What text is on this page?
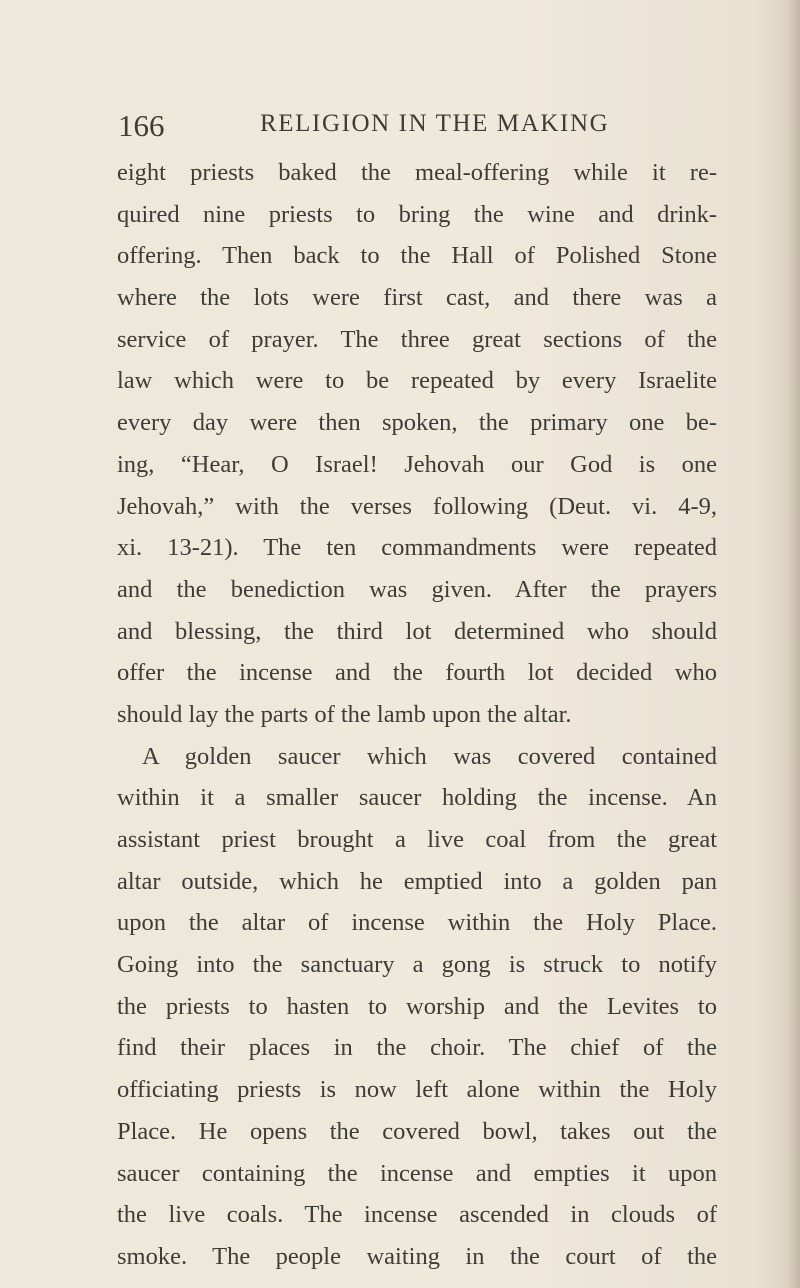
166	RELIGION IN THE MAKING
eight priests baked the meal-offering while it re-
quired nine priests to bring the wine and drink-
offering. Then back to the Hall of Polished Stone
where the lots were first cast, and there was a
service of prayer. The three great sections of the
law which were to be repeated by every Israelite
every day were then spoken, the primary one be-
ing, “Hear, O Israel! Jehovah our God is one
Jehovah,” with the verses following (Deut. vi. 4-9,
xi. 13-21). The ten commandments were repeated
and the benediction was given. After the prayers
and blessing, the third lot determined who should
offer the incense and the fourth lot decided who
should lay the parts of the lamb upon the altar.
A golden saucer which was covered contained
within it a smaller saucer holding the incense. An
assistant priest brought a live coal from the great
altar outside, which he emptied into a golden pan
upon the altar of incense within the Holy Place.
Going into the sanctuary a gong is struck to notify
the priests to hasten to worship and the Levites to
find their places in the choir. The chief of the
officiating priests is now left alone within the Holy
Place. He opens the covered bowl, takes out the
saucer containing the incense and empties it upon
the live coals. The incense ascended in clouds of
smoke. The people waiting in the court of the
